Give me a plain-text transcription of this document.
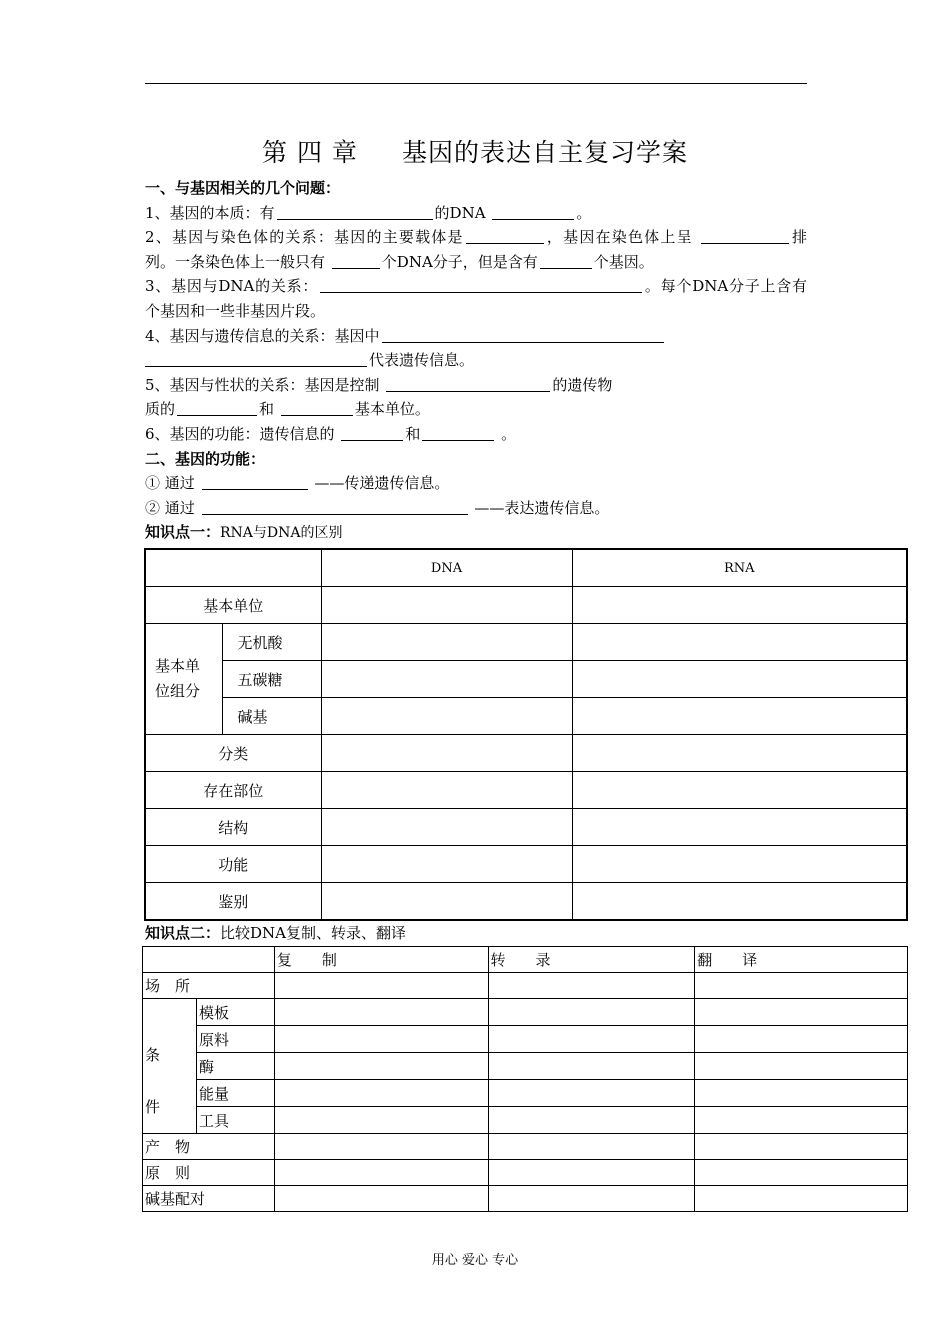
第 四 章 基因的表达自主复习学案
一、与基因相关的几个问题：
1、基因的本质：有	的DNA	。
2、基因与染色体的关系：基因的主要载体是	，基因在染色体上呈	排
列。一条染色体上一般只有	个DNA分子，但是含有	个基因。
3、基因与DNA的关系：	。每个DNA分子上含有
个基因和一些非基因片段。
4、基因与遗传信息的关系：基因中
代表遗传信息。
5、基因与性状的关系：基因是控制	的遗传物
质的	和	基本单位。
6、基因的功能：遗传信息的	和	。
二、基因的功能：
① 通过	——传递遗传信息。
② 通过	——表达遗传信息。
知识点一：RNA与DNA的区别
		DNA	RNA
基本单位			
基本单
位组分	无机酸		
	五碳糖		
	碱基		
分类			
存在部位			
结构			
功能			
鉴别			
知识点二：比较DNA复制、转录、翻译
		复　　制	转　　录	翻　　译
场　所				
条
件	模板			
	原料			
	酶			
	能量			
	工具			
产　物				
原　则				
碱基配对				
用心 爱心 专心
